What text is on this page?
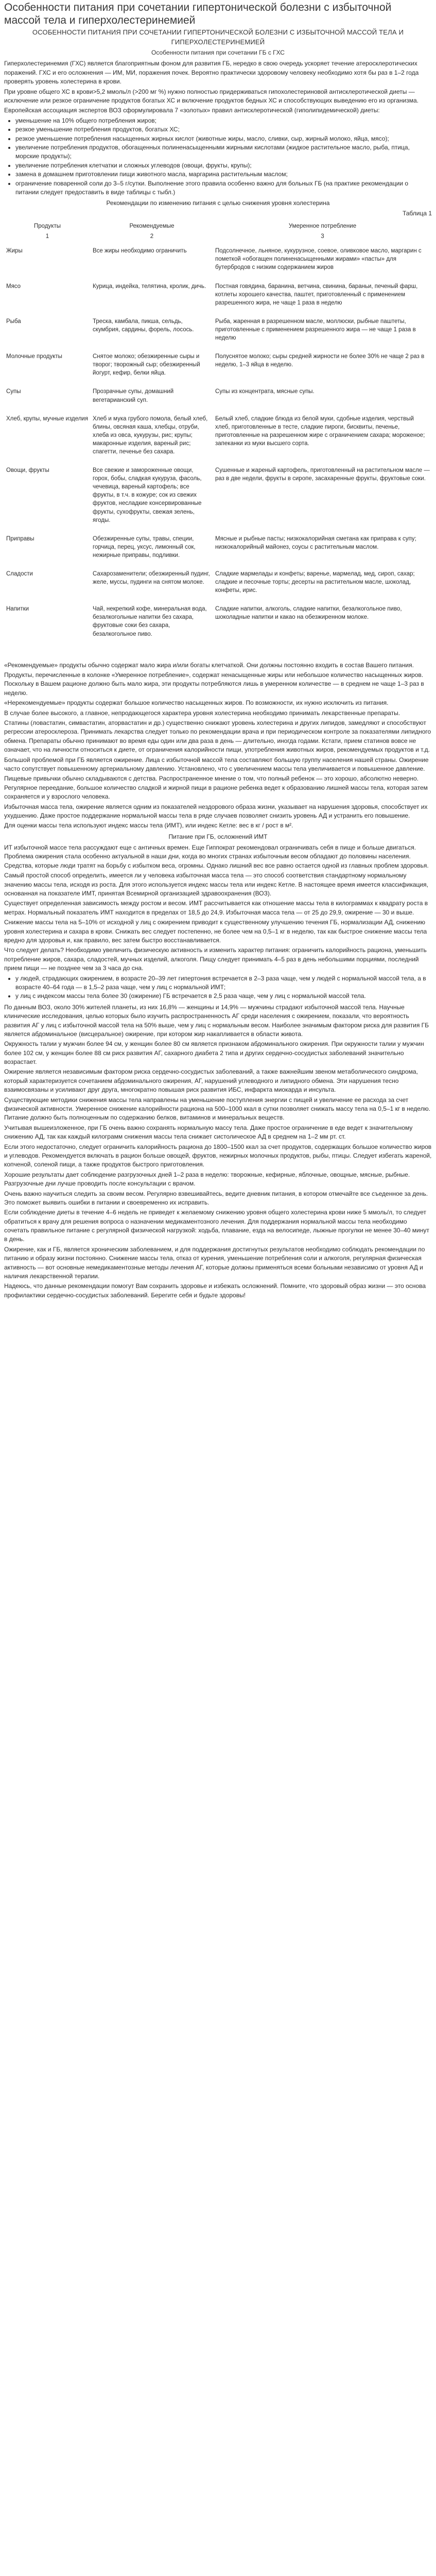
Особенности питания при сочетании гипертонической болезни с избыточной массой тела и гиперхолестеринемией

ОСОБЕННОСТИ ПИТАНИЯ ПРИ СОЧЕТАНИИ ГИПЕРТОНИЧЕСКОЙ БОЛЕЗНИ С ИЗБЫТОЧНОЙ МАССОЙ ТЕЛА И ГИПЕРХОЛЕСТЕРИНЕМИЕЙ

Особенности питания при сочетании ГБ с ГХС

Гиперхолестеринемия (ГХС) является благоприятным фоном для развития ГБ, нередко в свою очередь ускоряет течение атеросклеротических поражений. ГХС и его осложнения — ИМ, МИ, поражения почек. Вероятно практически здоровому человеку необходимо хотя бы раз в 1–2 года проверять уровень холестерина в крови.

При уровне общего ХС в крови>5,2 ммоль/л (>200 мг %) нужно полностью придерживаться гипохолестериновой антисклеротической диеты — исключение или резкое ограничение продуктов богатых ХС и включение продуктов бедных ХС и способствующих выведению его из организма.

Европейская ассоциация экспертов ВОЗ сформулировала 7 «золотых» правил антисклеротической (гиполипидемической) диеты:

• уменьшение на 10% общего потребления жиров;
• резкое уменьшение потребления продуктов, богатых ХС;
• резкое уменьшение потребления насыщенных жирных кислот (животные жиры, масло, сливки, сыр, жирный молоко, яйца, мясо);
• увеличение потребления продуктов, обогащенных полиненасыщенными жирными кислотами (жидкое растительное масло, рыба, птица, морские продукты);
• увеличение потребления клетчатки и сложных углеводов (овощи, фрукты, крупы);
• замена в домашнем приготовлении пищи животного масла, маргарина растительным маслом;
• ограничение поваренной соли до 3–5 г/сутки. Выполнение этого правила особенно важно для больных ГБ (на практике рекомендации о питании следует предоставить в виде таблицы с тыбл.)

Рекомендации по изменению питания с целью снижения уровня холестерина

Таблица 1

Продукты	Рекомендуемые	Умеренное потребление
1	2	3
Жиры	Все жиры необходимо ограничить	Подсолнечное, льняное, кукурузное, соевое, оливковое масло, маргарин с пометкой «обогащен полиненасыщенными жирами» «пасты» для бутербродов с низким содержанием жиров
Мясо	Курица, индейка, телятина, кролик, дичь.	Постная говядина, баранина, ветчина, свинина, бараньи, печеный фарш, котлеты хорошего качества, паштет, приготовленный с применением разрешенного жира, не чаще 1 раза в неделю
Рыба	Треска, камбала, пикша, сельдь, скумбрия, сардины, форель, лосось.	Рыба, жаренная в разрешенном масле, моллюски, рыбные паштеты, приготовленные с применением разрешенного жира — не чаще 1 раза в неделю
Молочные продукты	Снятое молоко; обезжиренные сыры и творог; творожный сыр; обезжиренный йогурт, кефир, белки яйца.	Полуснятое молоко; сыры средней жирности не более 30% не чаще 2 раз в неделю, 1–3 яйца в неделю.
Супы	Прозрачные супы, домашний вегетарианский суп.	Супы из концентрата, мясные супы.
Хлеб, крупы, мучные изделия	Хлеб и мука грубого помола, белый хлеб, блины, овсяная каша, хлебцы, отруби, хлеба из овса, кукурузы, рис; крупы; макаронные изделия, вареный рис; спагетти, печенье без сахара.	Белый хлеб, сладкие блюда из белой муки, сдобные изделия, черствый хлеб, приготовленные в тесте, сладкие пироги, бисквиты, печенье, приготовленные на разрешенном жире с ограничением сахара; мороженое; запеканки из муки высшего сорта.
Овощи, фрукты	Все свежие и замороженные овощи, горох, бобы, сладкая кукуруза, фасоль, чечевица, вареный картофель; все фрукты, в т.ч. в кожуре; сок из свежих фруктов, несладкие консервированные фрукты, сухофрукты, свежая зелень, ягоды.	Сушенные и жареный картофель, приготовленный на растительном масле — раз в две недели, фрукты в сиропе, засахаренные фрукты, фруктовые соки.
Приправы	Обезжиренные супы, травы, специи, горчица, перец, уксус, лимонный сок, нежирные приправы, подливки.	Мясные и рыбные пасты; низкокалорийная сметана как приправа к супу; низкокалорийный майонез, соусы с растительным маслом.
Сладости	Сахарозаменители; обезжиренный пудинг, желе, муссы, пудинги на снятом молоке.	Сладкие мармелады и конфеты; варенье, мармелад, мед, сироп, сахар; сладкие и песочные торты; десерты на растительном масле, шоколад, конфеты, ирис.
Напитки	Чай, некрепкий кофе, минеральная вода, безалкогольные напитки без сахара, фруктовые соки без сахара, безалкогольное пиво.	Сладкие напитки, алкоголь, сладкие напитки, безалкогольное пиво, шоколадные напитки и какао на обезжиренном молоке.

«Рекомендуемые» продукты обычно содержат мало жира и/или богаты клетчаткой. Они должны постоянно входить в состав Вашего питания.

Продукты, перечисленные в колонке «Умеренное потребление», содержат ненасыщенные жиры или небольшое количество насыщенных жиров. Поскольку в Вашем рационе должно быть мало жира, эти продукты потребляются лишь в умеренном количестве — в среднем не чаще 1–3 раз в неделю.

«Нерекомендуемые» продукты содержат большое количество насыщенных жиров. По возможности, их нужно исключить из питания.

В случае более высокого, а главное, непродающегося характера уровня холестерина необходимо принимать лекарственные препараты.

Статины (ловастатин, симвастатин, аторвастатин и др.) существенно снижают уровень холестерина и других липидов, замедляют и способствуют регрессии атеросклероза. Принимать лекарства следует только по рекомендации врача и при периодическом контроле за показателями липидного обмена. Препараты обычно принимают во время еды один или два раза в день — длительно, иногда годами. Кстати, прием статинов вовсе не означает, что на личности относиться к диете, от ограничения калорийности пищи, употребления животных жиров, рекомендуемых продуктов и т.д.

Большой проблемой при ГБ является ожирение. Лица с избыточной массой тела составляют большую группу населения нашей страны. Ожирение часто сопутствует повышенному артериальному давлению. Установлено, что с увеличением массы тела увеличивается и повышенное давление.

Пищевые привычки обычно складываются с детства. Распространенное мнение о том, что полный ребенок — это хорошо, абсолютно неверно. Регулярное переедание, большое количество сладкой и жирной пищи в рационе ребенка ведет к образованию лишней массы тела, которая затем сохраняется и у взрослого человека.

Избыточная масса тела, ожирение является одним из показателей нездорового образа жизни, указывает на нарушения здоровья, способствует их ухудшению. Даже простое поддержание нормальной массы тела в ряде случаев позволяет снизить уровень АД и устранить его повышение.

Для оценки массы тела используют индекс массы тела (ИМТ), или индекс Кетле: вес в кг / рост в м².

Питание при ГБ, осложнений ИМТ

ИТ избыточной массе тела рассуждают еще с античных времен. Еще Гиппократ рекомендовал ограничивать себя в пище и больше двигаться. Проблема ожирения стала особенно актуальной в наши дни, когда во многих странах избыточным весом обладают до половины населения. Средства, которые люди тратят на борьбу с избытком веса, огромны. Однако лишний вес все равно остается одной из главных проблем здоровья.

Самый простой способ определить, имеется ли у человека избыточная масса тела — это способ соответствия стандартному нормальному значению массы тела, исходя из роста. Для этого используется индекс массы тела или индекс Кетле. В настоящее время имеется классификация, основанная на показателе ИМТ, принятая Всемирной организацией здравоохранения (ВОЗ).

Существует определенная зависимость между ростом и весом. ИМТ рассчитывается как отношение массы тела в килограммах к квадрату роста в метрах. Нормальный показатель ИМТ находится в пределах от 18,5 до 24,9. Избыточная масса тела — от 25 до 29,9, ожирение — 30 и выше.

Снижение массы тела на 5–10% от исходной у лиц с ожирением приводит к существенному улучшению течения ГБ, нормализации АД, снижению уровня холестерина и сахара в крови. Снижать вес следует постепенно, не более чем на 0,5–1 кг в неделю, так как быстрое снижение массы тела вредно для здоровья и, как правило, вес затем быстро восстанавливается.

Что следует делать? Необходимо увеличить физическую активность и изменить характер питания: ограничить калорийность рациона, уменьшить потребление жиров, сахара, сладостей, мучных изделий, алкоголя. Пищу следует принимать 4–5 раз в день небольшими порциями, последний прием пищи — не позднее чем за 3 часа до сна.

• у людей, страдающих ожирением, в возрасте 20–39 лет гипертония встречается в 2–3 раза чаще, чем у людей с нормальной массой тела, а в возрасте 40–64 года — в 1,5–2 раза чаще, чем у лиц с нормальной ИМТ;
• у лиц с индексом массы тела более 30 (ожирение) ГБ встречается в 2,5 раза чаще, чем у лиц с нормальной массой тела.

По данным ВОЗ, около 30% жителей планеты, из них 16,8% — женщины и 14,9% — мужчины страдают избыточной массой тела. Научные клинические исследования, целью которых было изучить распространенность АГ среди населения с ожирением, показали, что вероятность развития АГ у лиц с избыточной массой тела на 50% выше, чем у лиц с нормальным весом. Наиболее значимым фактором риска для развития ГБ является абдоминальное (висцеральное) ожирение, при котором жир накапливается в области живота.

Окружность талии у мужчин более 94 см, у женщин более 80 см является признаком абдоминального ожирения. При окружности талии у мужчин более 102 см, у женщин более 88 см риск развития АГ, сахарного диабета 2 типа и других сердечно-сосудистых заболеваний значительно возрастает.

Ожирение является независимым фактором риска сердечно-сосудистых заболеваний, а также важнейшим звеном метаболического синдрома, который характеризуется сочетанием абдоминального ожирения, АГ, нарушений углеводного и липидного обмена. Эти нарушения тесно взаимосвязаны и усиливают друг друга, многократно повышая риск развития ИБС, инфаркта миокарда и инсульта.

Существующие методики снижения массы тела направлены на уменьшение поступления энергии с пищей и увеличение ее расхода за счет физической активности. Умеренное снижение калорийности рациона на 500–1000 ккал в сутки позволяет снижать массу тела на 0,5–1 кг в неделю. Питание должно быть полноценным по содержанию белков, витаминов и минеральных веществ.

Учитывая вышеизложенное, при ГБ очень важно сохранять нормальную массу тела. Даже простое ограничение в еде ведет к значительному снижению АД, так как каждый килограмм снижения массы тела снижает систолическое АД в среднем на 1–2 мм рт. ст.

Если этого недостаточно, следует ограничить калорийность рациона до 1800–1500 ккал за счет продуктов, содержащих большое количество жиров и углеводов. Рекомендуется включать в рацион больше овощей, фруктов, нежирных молочных продуктов, рыбы, птицы. Следует избегать жареной, копченой, соленой пищи, а также продуктов быстрого приготовления.

Хорошие результаты дает соблюдение разгрузочных дней 1–2 раза в неделю: творожные, кефирные, яблочные, овощные, мясные, рыбные. Разгрузочные дни лучше проводить после консультации с врачом.

Очень важно научиться следить за своим весом. Регулярно взвешивайтесь, ведите дневник питания, в котором отмечайте все съеденное за день. Это поможет выявить ошибки в питании и своевременно их исправить.

Если соблюдение диеты в течение 4–6 недель не приведет к желаемому снижению уровня общего холестерина крови ниже 5 ммоль/л, то следует обратиться к врачу для решения вопроса о назначении медикаментозного лечения. Для поддержания нормальной массы тела необходимо сочетать правильное питание с регулярной физической нагрузкой: ходьба, плавание, езда на велосипеде, лыжные прогулки не менее 30–40 минут в день.

Ожирение, как и ГБ, является хроническим заболеванием, и для поддержания достигнутых результатов необходимо соблюдать рекомендации по питанию и образу жизни постоянно. Снижение массы тела, отказ от курения, уменьшение потребления соли и алкоголя, регулярная физическая активность — вот основные немедикаментозные методы лечения АГ, которые должны применяться всеми больными независимо от уровня АД и наличия лекарственной терапии.

Надеюсь, что данные рекомендации помогут Вам сохранить здоровье и избежать осложнений. Помните, что здоровый образ жизни — это основа профилактики сердечно-сосудистых заболеваний. Берегите себя и будьте здоровы!
